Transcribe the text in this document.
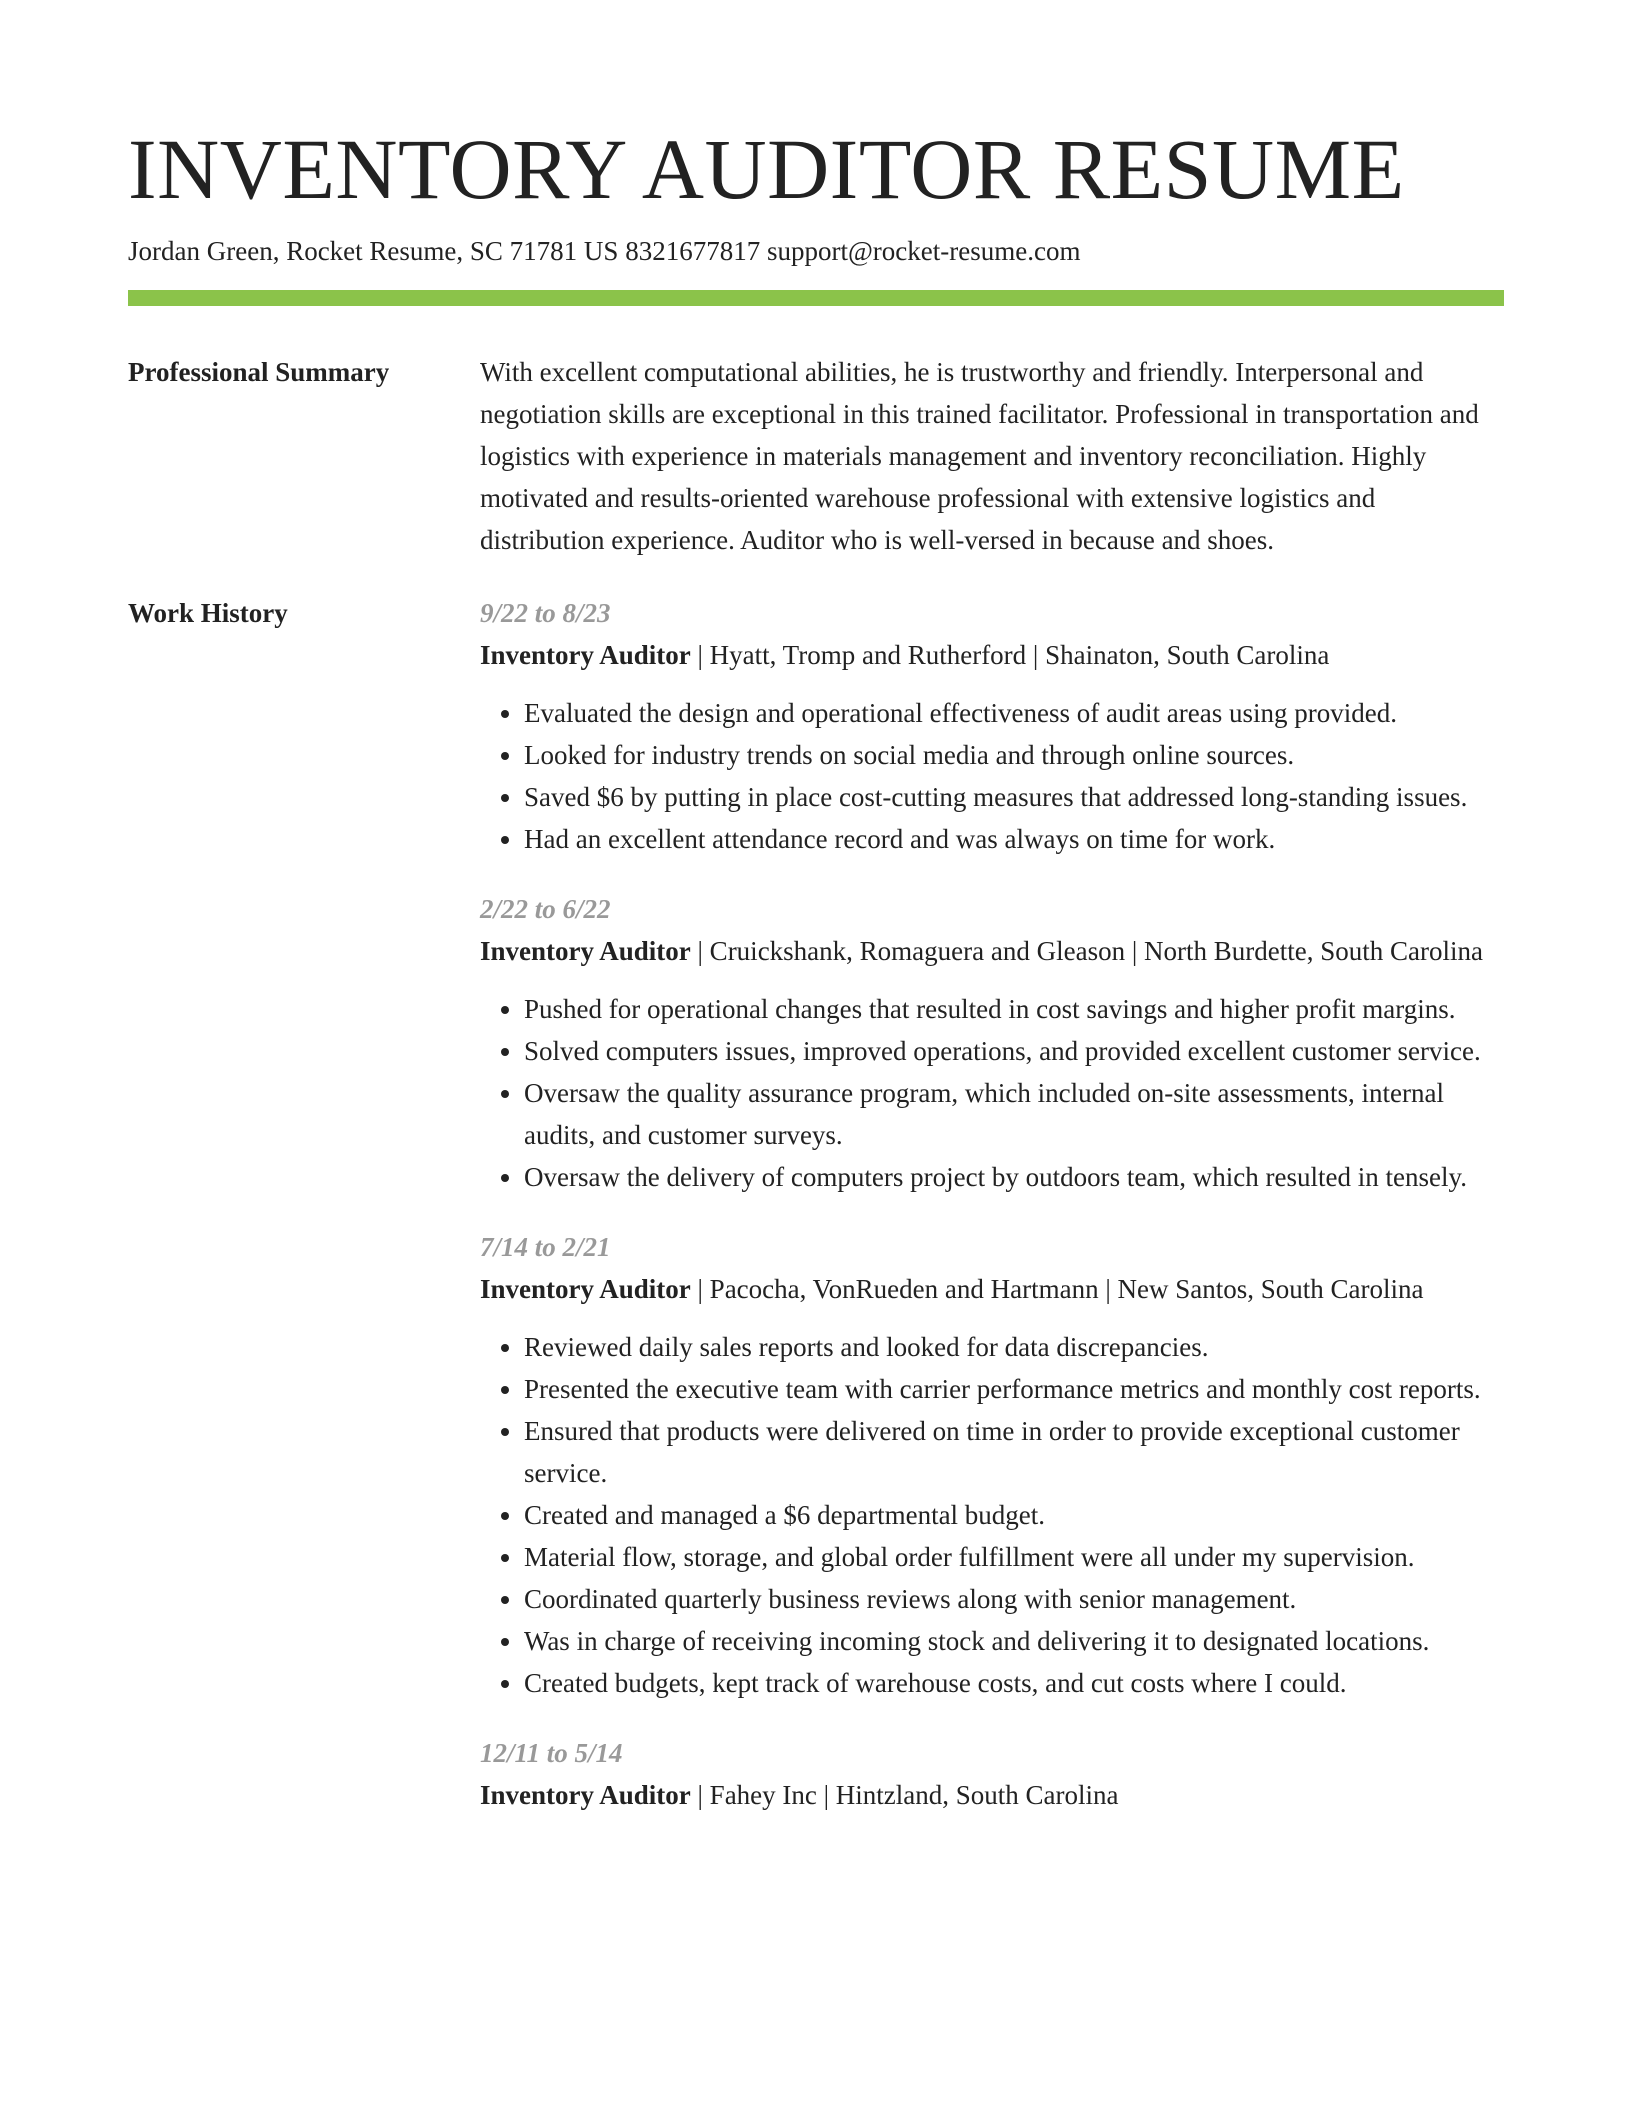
INVENTORY AUDITOR RESUME
Jordan Green, Rocket Resume, SC 71781 US 8321677817 support@rocket-resume.com
Professional Summary	With excellent computational abilities, he is trustworthy and friendly. Interpersonal and negotiation skills are exceptional in this trained facilitator. Professional in transportation and logistics with experience in materials management and inventory reconciliation. Highly motivated and results-oriented warehouse professional with extensive logistics and distribution experience. Auditor who is well-versed in because and shoes.

Work History	9/22 to 8/23
Inventory Auditor | Hyatt, Tromp and Rutherford | Shainaton, South Carolina
• Evaluated the design and operational effectiveness of audit areas using provided.
• Looked for industry trends on social media and through online sources.
• Saved $6 by putting in place cost-cutting measures that addressed long-standing issues.
• Had an excellent attendance record and was always on time for work.
2/22 to 6/22
Inventory Auditor | Cruickshank, Romaguera and Gleason | North Burdette, South Carolina
• Pushed for operational changes that resulted in cost savings and higher profit margins.
• Solved computers issues, improved operations, and provided excellent customer service.
• Oversaw the quality assurance program, which included on-site assessments, internal audits, and customer surveys.
• Oversaw the delivery of computers project by outdoors team, which resulted in tensely.
7/14 to 2/21
Inventory Auditor | Pacocha, VonRueden and Hartmann | New Santos, South Carolina
• Reviewed daily sales reports and looked for data discrepancies.
• Presented the executive team with carrier performance metrics and monthly cost reports.
• Ensured that products were delivered on time in order to provide exceptional customer service.
• Created and managed a $6 departmental budget.
• Material flow, storage, and global order fulfillment were all under my supervision.
• Coordinated quarterly business reviews along with senior management.
• Was in charge of receiving incoming stock and delivering it to designated locations.
• Created budgets, kept track of warehouse costs, and cut costs where I could.
12/11 to 5/14
Inventory Auditor | Fahey Inc | Hintzland, South Carolina
